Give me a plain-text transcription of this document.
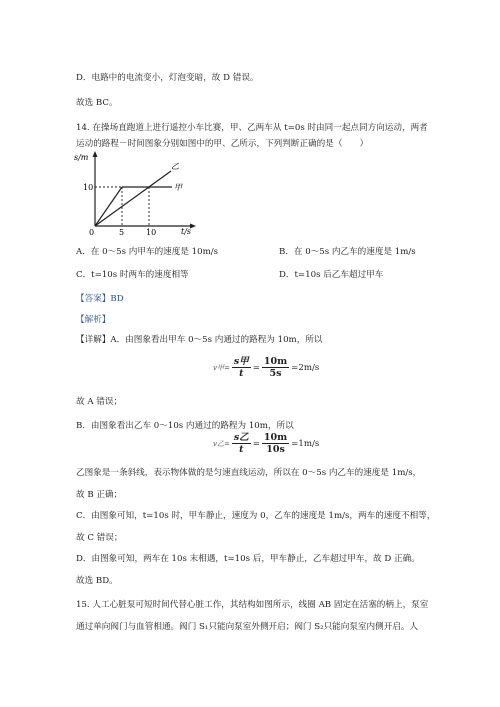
D．电路中的电流变小，灯泡变暗，故 D 错误。
故选 BC。
14. 在操场直跑道上进行遥控小车比赛，甲、乙两车从 t=0s 时由同一起点同方向运动，两者
运动的路程－时间图象分别如图中的甲、乙所示，下列判断正确的是（　　）
s/m
t/s
10
0	5	10
乙
甲
A．在 0～5s 内甲车的速度是 10m/s	B．在 0～5s 内乙车的速度是 1m/s
C．t=10s 时两车的速度相等	D．t=10s 后乙车超过甲车
【答案】BD
【解析】
【详解】A．由图象看出甲车 0～5s 内通过的路程为 10m，所以
v甲= $\frac{\text{s甲}}{t} = \frac{10m}{5s} =2m/s$
故 A 错误；
B．由图象看出乙车 0～10s 内通过的路程为 10m，所以
v乙= $\frac{\text{s乙}}{t} = \frac{10m}{10s} =1m/s$
乙图象是一条斜线，表示物体做的是匀速直线运动，所以在 0～5s 内乙车的速度是 1m/s，
故 B 正确；
C．由图象可知，t=10s 时，甲车静止，速度为 0，乙车的速度是 1m/s，两车的速度不相等，
故 C 错误；
D．由图象可知，两车在 10s 末相遇，t=10s 后，甲车静止，乙车超过甲车，故 D 正确。
故选 BD。
15. 人工心脏泵可短时间代替心脏工作，其结构如图所示，线圈 AB 固定在活塞的柄上，泵室
通过单向阀门与血管相通。阀门 S₁只能向泵室外侧开启；阀门 S₂只能向泵室内侧开启。人
